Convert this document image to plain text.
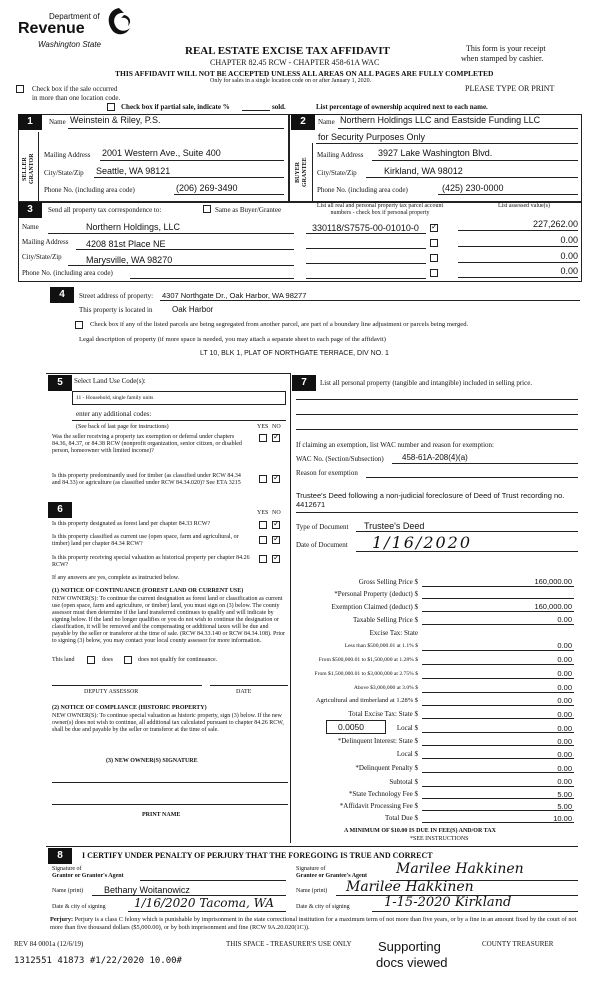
Department of
Revenue
Washington State
REAL ESTATE EXCISE TAX AFFIDAVIT
CHAPTER 82.45 RCW - CHAPTER 458-61A WAC
This form is your receipt
when stamped by cashier.
THIS AFFIDAVIT WILL NOT BE ACCEPTED UNLESS ALL AREAS ON ALL PAGES ARE FULLY COMPLETED
Only for sales in a single location code on or after January 1, 2020.
PLEASE TYPE OR PRINT
Check box if the sale occurred
in more than one location code.
Check box if partial sale, indicate %	sold.	List percentage of ownership acquired next to each name.
1	Name Weinstein & Riley, P.S.
SELLER GRANTOR Mailing Address 2001 Western Ave., Suite 400
City/State/Zip Seattle, WA 98121
Phone No. (including area code)	(206) 269-3490
2	Name Northern Holdings LLC and Eastside Funding LLC
for Security Purposes Only
BUYER GRANTEE
Mailing Address 3927 Lake Washington Blvd.
City/State/Zip	Kirkland, WA 98012
Phone No. (including area code)	(425) 230-0000
3	Send all property tax correspondence to:	Same as Buyer/Grantee	List all real and personal property tax parcel account numbers - check box if personal property
List assessed value(s)
Name	Northern Holdings, LLC
Mailing Address 4208 81st Place NE
City/State/Zip	Marysville, WA 98270
Phone No. (including area code)
330118/S7575-00-01010-0
✓	227,262.00
0.00
0.00
0.00
4	Street address of property: 4307 Northgate Dr., Oak Harbor, WA 98277
This property is located in Oak Harbor
Check box if any of the listed parcels are being segregated from another parcel, are part of a boundary line adjustment or parcels being merged.
Legal description of property (if more space is needed, you may attach a separate sheet to each page of the affidavit)
LT 10, BLK 1, PLAT OF NORTHGATE TERRACE, DIV NO. 1
5	Select Land Use Code(s):
11 - Household, single family units
enter any additional codes:
(See back of last page for instructions)	YES NO
Was the seller receiving a property tax exemption or deferral under chapters 84.36, 84.37, or 84.38 RCW (nonprofit organization, senior citizen, or disabled person, homeowner with limited income)?
✓
Is this property predominantly used for timber (as classified under RCW 84.34 and 84.33) or agriculture (as classified under RCW 84.34.020)? See ETA 3215
✓
6	YES NO
Is this property designated as forest land per chapter 84.33 RCW?
✓
Is this property classified as current use (open space, farm and agricultural, or timber) land per chapter 84.34 RCW?
✓
Is this property receiving special valuation as historical property per chapter 84.26 RCW?
✓
If any answers are yes, complete as instructed below.
(1) NOTICE OF CONTINUANCE (FOREST LAND OR CURRENT USE)
NEW OWNER(S): To continue the current designation as forest land or classification as current use (open space, farm and agriculture, or timber) land, you must sign on (3) below. The county assessor must then determine if the land transferred continues to qualify and will indicate by signing below. If the land no longer qualifies or you do not wish to continue the designation or classification, it will be removed and the compensating or additional taxes will be due and payable by the seller or transferor at the time of sale. (RCW 84.33.140 or RCW 84.34.108). Prior to signing (3) below, you may contact your local county assessor for more information.
This land	does	does not qualify for continuance.
DEPUTY ASSESSOR	DATE
(2) NOTICE OF COMPLIANCE (HISTORIC PROPERTY)
NEW OWNER(S): To continue special valuation as historic property, sign (3) below. If the new owner(s) does not wish to continue, all additional tax calculated pursuant to chapter 84.26 RCW, shall be due and payable by the seller or transferor at the time of sale.
(3) NEW OWNER(S) SIGNATURE
PRINT NAME
7	List all personal property (tangible and intangible) included in selling price.
If claiming an exemption, list WAC number and reason for exemption:
WAC No. (Section/Subsection) 458-61A-208(4)(a)
Reason for exemption
Trustee's Deed following a non-judicial foreclosure of Deed of Trust recording no. 4412671
Type of Document Trustee's Deed
Date of Document 1/16/2020
Gross Selling Price $	160,000.00
*Personal Property (deduct) $
Exemption Claimed (deduct) $	160,000.00
Taxable Selling Price $	0.00
Excise Tax: State
Less than $500,000.01 at 1.1% $	0.00
From $500,000.01 to $1,500,000 at 1.28% $	0.00
From $1,500,000.01 to $3,000,000 at 2.75% $	0.00
Above $3,000,000 at 3.0% $	0.00
Agricultural and timberland at 1.28% $	0.00
Total Excise Tax: State $	0.00
0.0050	Local $	0.00
*Delinquent Interest: State $	0.00
Local $	0.00
*Delinquent Penalty $	0.00
Subtotal $	0.00
*State Technology Fee $	5.00
*Affidavit Processing Fee $	5.00
Total Due $	10.00
A MINIMUM OF $10.00 IS DUE IN FEE(S) AND/OR TAX
*SEE INSTRUCTIONS
8	I CERTIFY UNDER PENALTY OF PERJURY THAT THE FOREGOING IS TRUE AND CORRECT
Signature of
Grantor or Grantor's Agent
Name (print) Bethany Woitanowicz
Date & city of signing 1/16/2020 Tacoma, WA
Signature of
Grantee or Grantee's Agent Marilee Hakkinen
Name (print) Marilee Hakkinen
Date & city of signing	1-15-2020 Kirkland
Perjury: Perjury is a class C felony which is punishable by imprisonment in the state correctional institution for a maximum term of not more than five years, or by a fine in an amount fixed by the court of not more than five thousand dollars ($5,000.00), or by both imprisonment and fine (RCW 9A.20.020(1C)).
REV 84 0001a (12/6/19)	THIS SPACE - TREASURER'S USE ONLY	COUNTY TREASURER
1312551 41873 #1/22/2020 10.00#
Supporting
docs viewed
